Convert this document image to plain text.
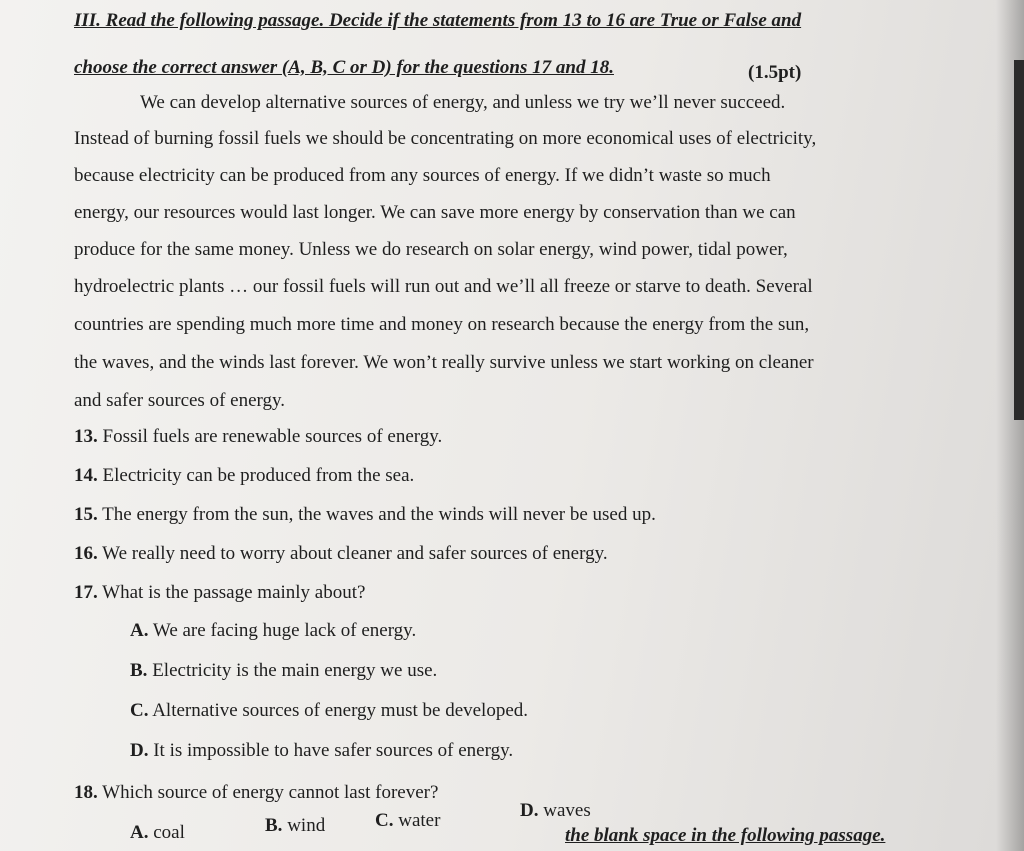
III. Read the following passage. Decide if the statements from 13 to 16 are True or False and
choose the correct answer (A, B, C or D) for the questions 17 and 18.	(1.5pt)
We can develop alternative sources of energy, and unless we try we’ll never succeed.
Instead of burning fossil fuels we should be concentrating on more economical uses of electricity,
because electricity can be produced from any sources of energy. If we didn’t waste so much
energy, our resources would last longer. We can save more energy by conservation than we can
produce for the same money. Unless we do research on solar energy, wind power, tidal power,
hydroelectric plants … our fossil fuels will run out and we’ll all freeze or starve to death. Several
countries are spending much more time and money on research because the energy from the sun,
the waves, and the winds last forever. We won’t really survive unless we start working on cleaner
and safer sources of energy.
13. Fossil fuels are renewable sources of energy.
14. Electricity can be produced from the sea.
15. The energy from the sun, the waves and the winds will never be used up.
16. We really need to worry about cleaner and safer sources of energy.
17. What is the passage mainly about?
A. We are facing huge lack of energy.
B. Electricity is the main energy we use.
C. Alternative sources of energy must be developed.
D. It is impossible to have safer sources of energy.
18. Which source of energy cannot last forever?
A. coal	B. wind	C. water	D. waves
the blank space in the following passage.
